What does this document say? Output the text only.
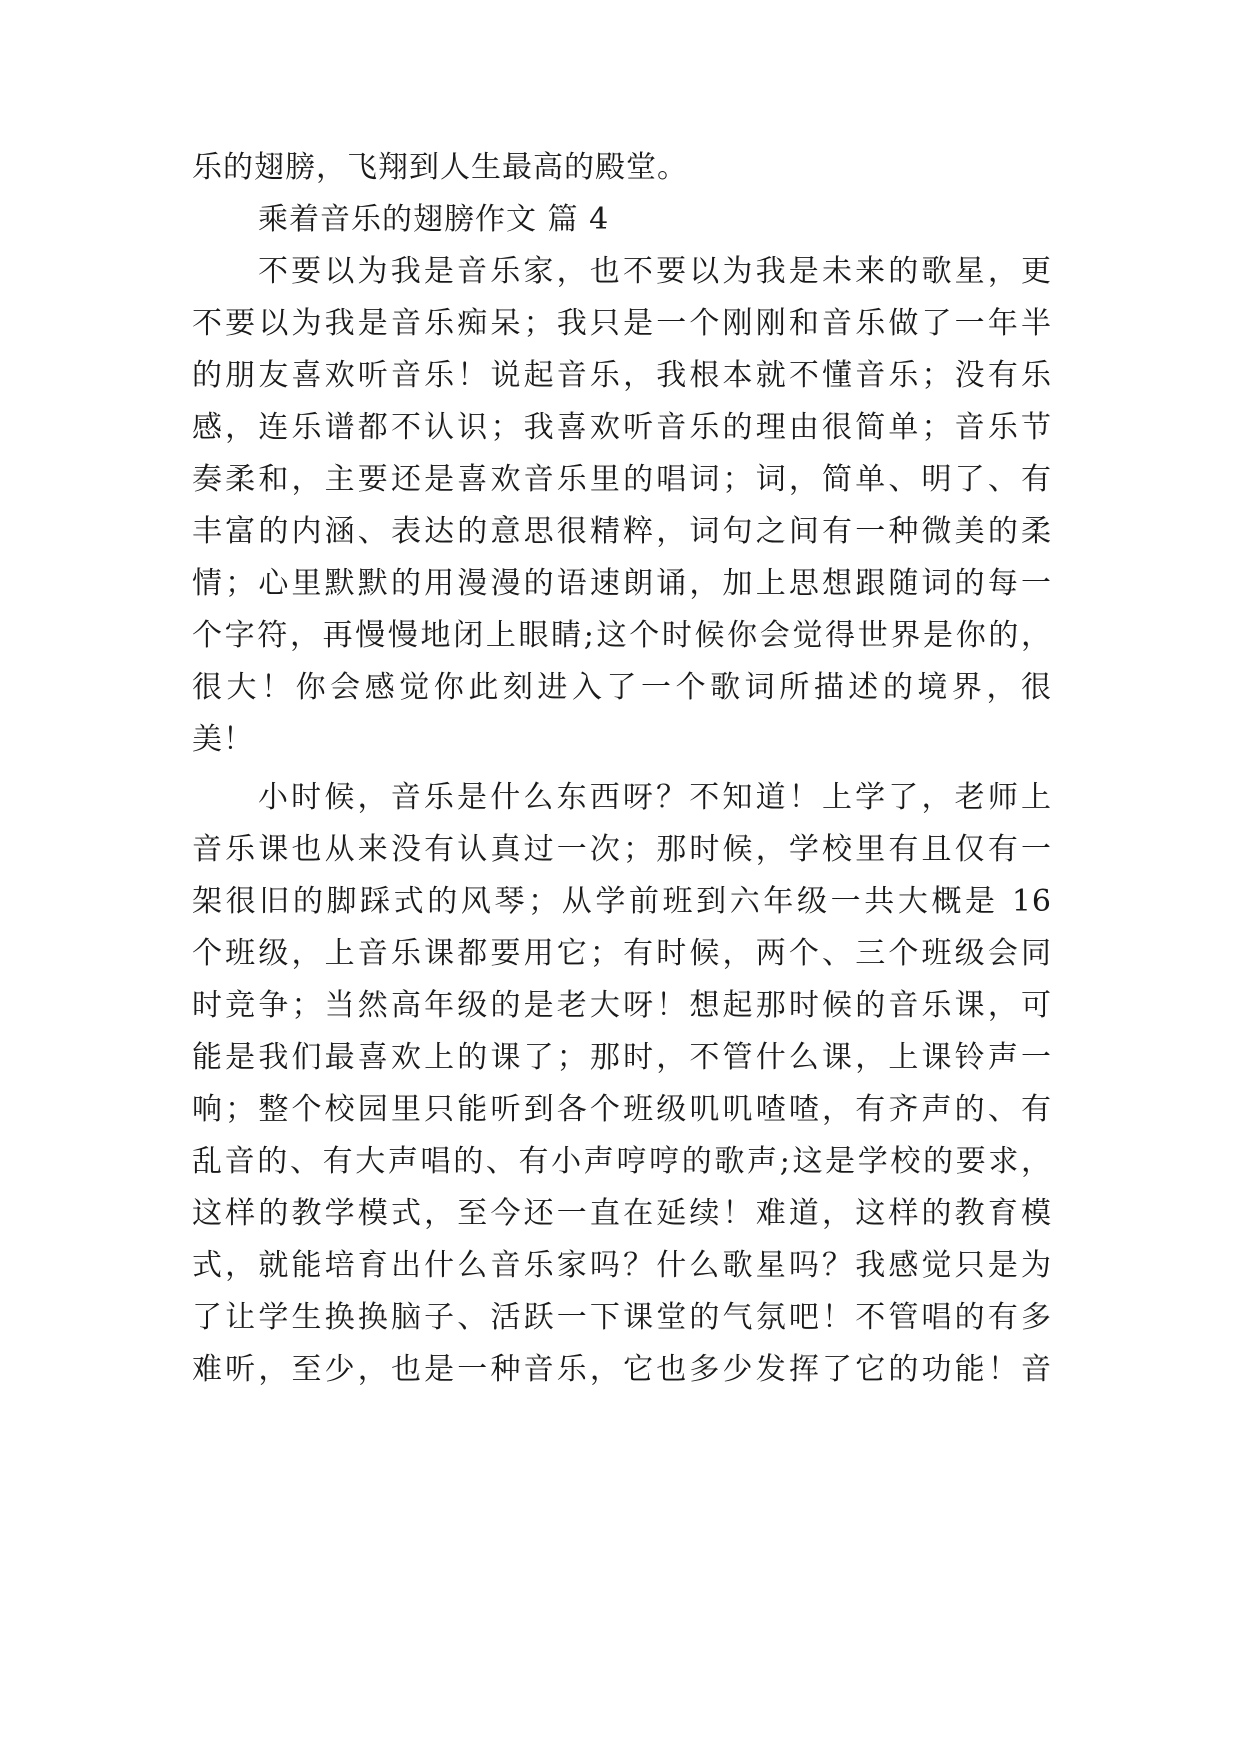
乐的翅膀，飞翔到人生最高的殿堂。
乘着音乐的翅膀作文 篇 4
不要以为我是音乐家，也不要以为我是未来的歌星，更
不要以为我是音乐痴呆；我只是一个刚刚和音乐做了一年半
的朋友喜欢听音乐！说起音乐，我根本就不懂音乐；没有乐
感，连乐谱都不认识；我喜欢听音乐的理由很简单；音乐节
奏柔和，主要还是喜欢音乐里的唱词；词，简单、明了、有
丰富的内涵、表达的意思很精粹，词句之间有一种微美的柔
情；心里默默的用漫漫的语速朗诵，加上思想跟随词的每一
个字符，再慢慢地闭上眼睛;这个时候你会觉得世界是你的，
很大！你会感觉你此刻进入了一个歌词所描述的境界，很
美！
小时候，音乐是什么东西呀？不知道！上学了，老师上
音乐课也从来没有认真过一次；那时候，学校里有且仅有一
架很旧的脚踩式的风琴；从学前班到六年级一共大概是 16
个班级，上音乐课都要用它；有时候，两个、三个班级会同
时竞争；当然高年级的是老大呀！想起那时候的音乐课，可
能是我们最喜欢上的课了；那时，不管什么课，上课铃声一
响；整个校园里只能听到各个班级叽叽喳喳，有齐声的、有
乱音的、有大声唱的、有小声哼哼的歌声;这是学校的要求，
这样的教学模式，至今还一直在延续！难道，这样的教育模
式，就能培育出什么音乐家吗？什么歌星吗？我感觉只是为
了让学生换换脑子、活跃一下课堂的气氛吧！不管唱的有多
难听，至少，也是一种音乐，它也多少发挥了它的功能！音
